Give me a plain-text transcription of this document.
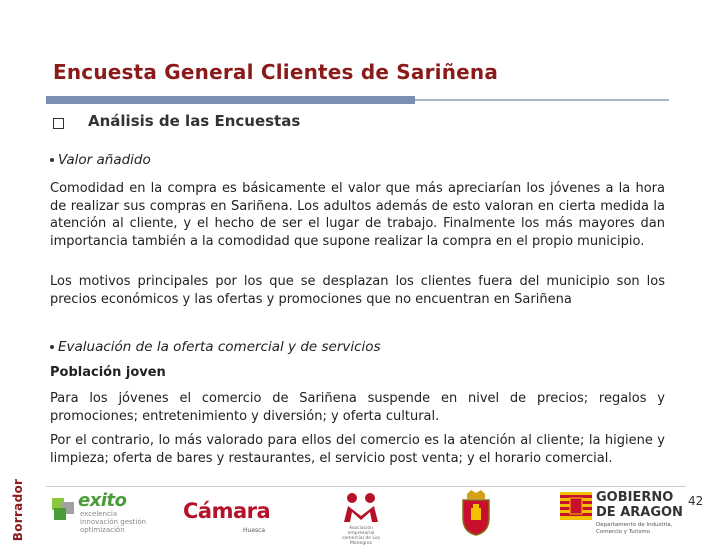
Encuesta General Clientes de Sariñena
Análisis de las Encuestas
Valor añadido
Comodidad en la compra es básicamente el valor que más apreciarían los jóvenes a la hora de realizar sus compras en Sariñena. Los adultos además de esto valoran en cierta medida la atención al cliente, y el hecho de ser el lugar de trabajo. Finalmente los más mayores dan importancia también a la comodidad que supone realizar la compra en el propio municipio.
Los motivos principales por los que se desplazan los clientes fuera del municipio son los precios económicos y las ofertas y promociones que no encuentran en Sariñena
Evaluación de la oferta comercial y de servicios
Población joven
Para los jóvenes el comercio de Sariñena suspende en nivel de precios; regalos y promociones; entretenimiento y diversión; y oferta cultural.
Por el contrario, lo más valorado para ellos del comercio es la atención al cliente; la higiene y limpieza; oferta de bares y restaurantes, el servicio post venta; y el horario comercial.
42
Borrador	exito
excelencia innovación gestión optimización
Cámara
Huesca	Asociación empresarial comercial de Los Monegros
GOBIERNO
DE ARAGON
Departamento de Industria, Comercio y Turismo
